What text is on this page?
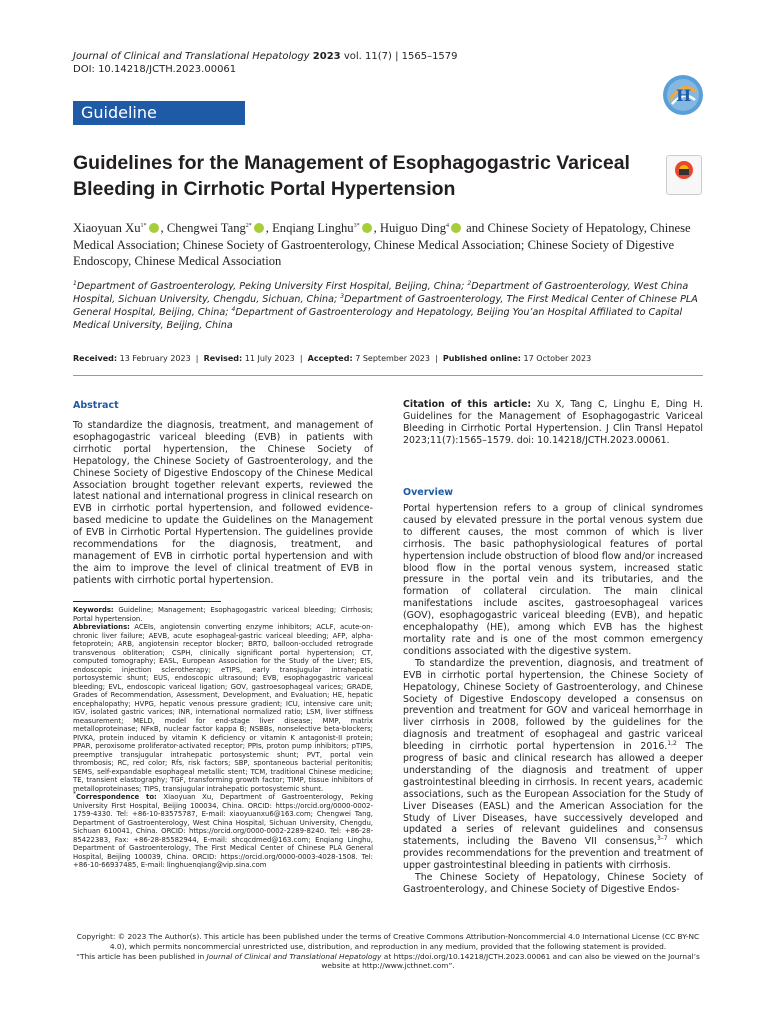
Journal of Clinical and Translational Hepatology 2023 vol. 11(7) | 1565–1579
DOI: 10.14218/JCTH.2023.00061
H
Guideline
Guidelines for the Management of Esophagogastric Variceal Bleeding in Cirrhotic Portal Hypertension
Xiaoyuan $Xu^{1*}$ , Chengwei Tang$^{2*}$ , Enqiang Linghu$^{3*}$ , Huiguo Ding$^4$ and Chinese Society of Hepatology, Chinese Medical Association; Chinese Society of Gastroenterology, Chinese Medical Association; Chinese Society of Digestive Endoscopy, Chinese Medical Association
$^1$Department of Gastroenterology, Peking University First Hospital, Beijing, China; $^2$Department of Gastroenterology, West China Hospital, Sichuan University, Chengdu, Sichuan, China; $^3$Department of Gastroenterology, The First Medical Center of Chinese PLA General Hospital, Beijing, China; $^4$Department of Gastroenterology and Hepatology, Beijing You’an Hospital Affiliated to Capital Medical University, Beijing, China
Received: 13 February 2023  |  Revised: 11 July 2023  |  Accepted: 7 September 2023  |  Published online: 17 October 2023
Abstract
To standardize the diagnosis, treatment, and management of esophagogastric variceal bleeding (EVB) in patients with cirrhotic portal hypertension, the Chinese Society of Hepatology, the Chinese Society of Gastroenterology, and the Chinese Society of Digestive Endoscopy of the Chinese Medical Association brought together relevant experts, reviewed the latest national and international progress in clinical research on EVB in cirrhotic portal hypertension, and followed evidence-based medicine to update the Guidelines on the Management of EVB in Cirrhotic Portal Hypertension. The guidelines provide recommendations for the diagnosis, treatment, and management of EVB in cirrhotic portal hypertension and with the aim to improve the level of clinical treatment of EVB in patients with cirrhotic portal hypertension.
Keywords: Guideline; Management; Esophagogastric variceal bleeding; Cirrhosis; Portal hypertension.
Abbreviations: ACEIs, angiotensin converting enzyme inhibitors; ACLF, acute-on-chronic liver failure; AEVB, acute esophageal-gastric variceal bleeding; AFP, alpha-fetoprotein; ARB, angiotensin receptor blocker; BRTO, balloon-occluded retrograde transvenous obliteration; CSPH, clinically significant portal hypertension; CT, computed tomography; EASL, European Association for the Study of the Liver; EIS, endoscopic injection sclerotherapy; eTIPS, early transjugular intrahepatic portosystemic shunt; EUS, endoscopic ultrasound; EVB, esophagogastric variceal bleeding; EVL, endoscopic variceal ligation; GOV, gastroesophageal varices; GRADE, Grades of Recommendation, Assessment, Development, and Evaluation; HE, hepatic encephalopathy; HVPG, hepatic venous pressure gradient; ICU, intensive care unit; IGV, isolated gastric varices; INR, international normalized ratio; LSM, liver stiffness measurement; MELD, model for end-stage liver disease; MMP, matrix metalloproteinase; NFκB, nuclear factor kappa B; NSBBs, nonselective beta-blockers; PIVKA, protein induced by vitamin K deficiency or vitamin K antagonist-II protein; PPAR, peroxisome proliferator-activated receptor; PPIs, proton pump inhibitors; pTIPS, preemptive transjugular intrahepatic portosystemic shunt; PVT, portal vein thrombosis; RC, red color; Rfs, risk factors; SBP, spontaneous bacterial peritonitis; SEMS, self-expandable esophageal metallic stent; TCM, traditional Chinese medicine; TE, transient elastography; TGF, transforming growth factor; TIMP, tissue inhibitors of metalloproteinases; TIPS, transjugular intrahepatic portosystemic shunt.
*Correspondence to: Xiaoyuan Xu, Department of Gastroenterology, Peking University First Hospital, Beijing 100034, China. ORCID: https://orcid.org/0000-0002-1759-4330. Tel: +86-10-83575787, E-mail: xiaoyuanxu6@163.com; Chengwei Tang, Department of Gastroenterology, West China Hospital, Sichuan University, Chengdu, Sichuan 610041, China. ORCID: https://orcid.org/0000-0002-2289-8240. Tel: +86-28-85422383, Fax: +86-28-85582944, E-mail: shcqcdmed@163.com; Enqiang Linghu, Department of Gastroenterology, The First Medical Center of Chinese PLA General Hospital, Beijing 100039, China. ORCID: https://orcid.org/0000-0003-4028-1508. Tel: +86-10-66937485, E-mail: linghuenqiang@vip.sina.com
Citation of this article: Xu X, Tang C, Linghu E, Ding H. Guidelines for the Management of Esophagogastric Variceal Bleeding in Cirrhotic Portal Hypertension. J Clin Transl Hepatol 2023;11(7):1565–1579. doi: 10.14218/JCTH.2023.00061.
Overview

Portal hypertension refers to a group of clinical syndromes caused by elevated pressure in the portal venous system due to different causes, the most common of which is liver cirrhosis. The basic pathophysiological features of portal hypertension include obstruction of blood flow and/or increased blood flow in the portal venous system, increased static pressure in the portal vein and its tributaries, and the formation of collateral circulation. The main clinical manifestations include ascites, gastroesophageal varices (GOV), esophagogastric variceal bleeding (EVB), and hepatic encephalopathy (HE), among which EVB has the highest mortality rate and is one of the most common emergency conditions associated with the digestive system.

To standardize the prevention, diagnosis, and treatment of EVB in cirrhotic portal hypertension, the Chinese Society of Hepatology, Chinese Society of Gastroenterology, and Chinese Society of Digestive Endoscopy developed a consensus on prevention and treatment for GOV and variceal hemorrhage in liver cirrhosis in 2008, followed by the guidelines for the diagnosis and treatment of esophageal and gastric variceal bleeding in cirrhotic portal hypertension in 2016.$^{1,2}$ The progress of basic and clinical research has allowed a deeper understanding of the diagnosis and treatment of upper gastrointestinal bleeding in cirrhosis. In recent years, academic associations, such as the European Association for the Study of Liver Diseases (EASL) and the American Association for the Study of Liver Diseases, have successively developed and updated a series of relevant guidelines and consensus statements, including the Baveno VII consensus,$^{3-7}$ which provides recommendations for the prevention and treatment of upper gastrointestinal bleeding in patients with cirrhosis.

The Chinese Society of Hepatology, Chinese Society of Gastroenterology, and Chinese Society of Digestive Endos-

Copyright: © 2023 The Author(s). This article has been published under the terms of Creative Commons Attribution-Noncommercial 4.0 International License (CC BY-NC 4.0), which permits noncommercial unrestricted use, distribution, and reproduction in any medium, provided that the following statement is provided.
“This article has been published in Journal of Clinical and Translational Hepatology at https://doi.org/10.14218/JCTH.2023.00061 and can also be viewed on the Journal’s website at http://www.jcthnet.com”.
